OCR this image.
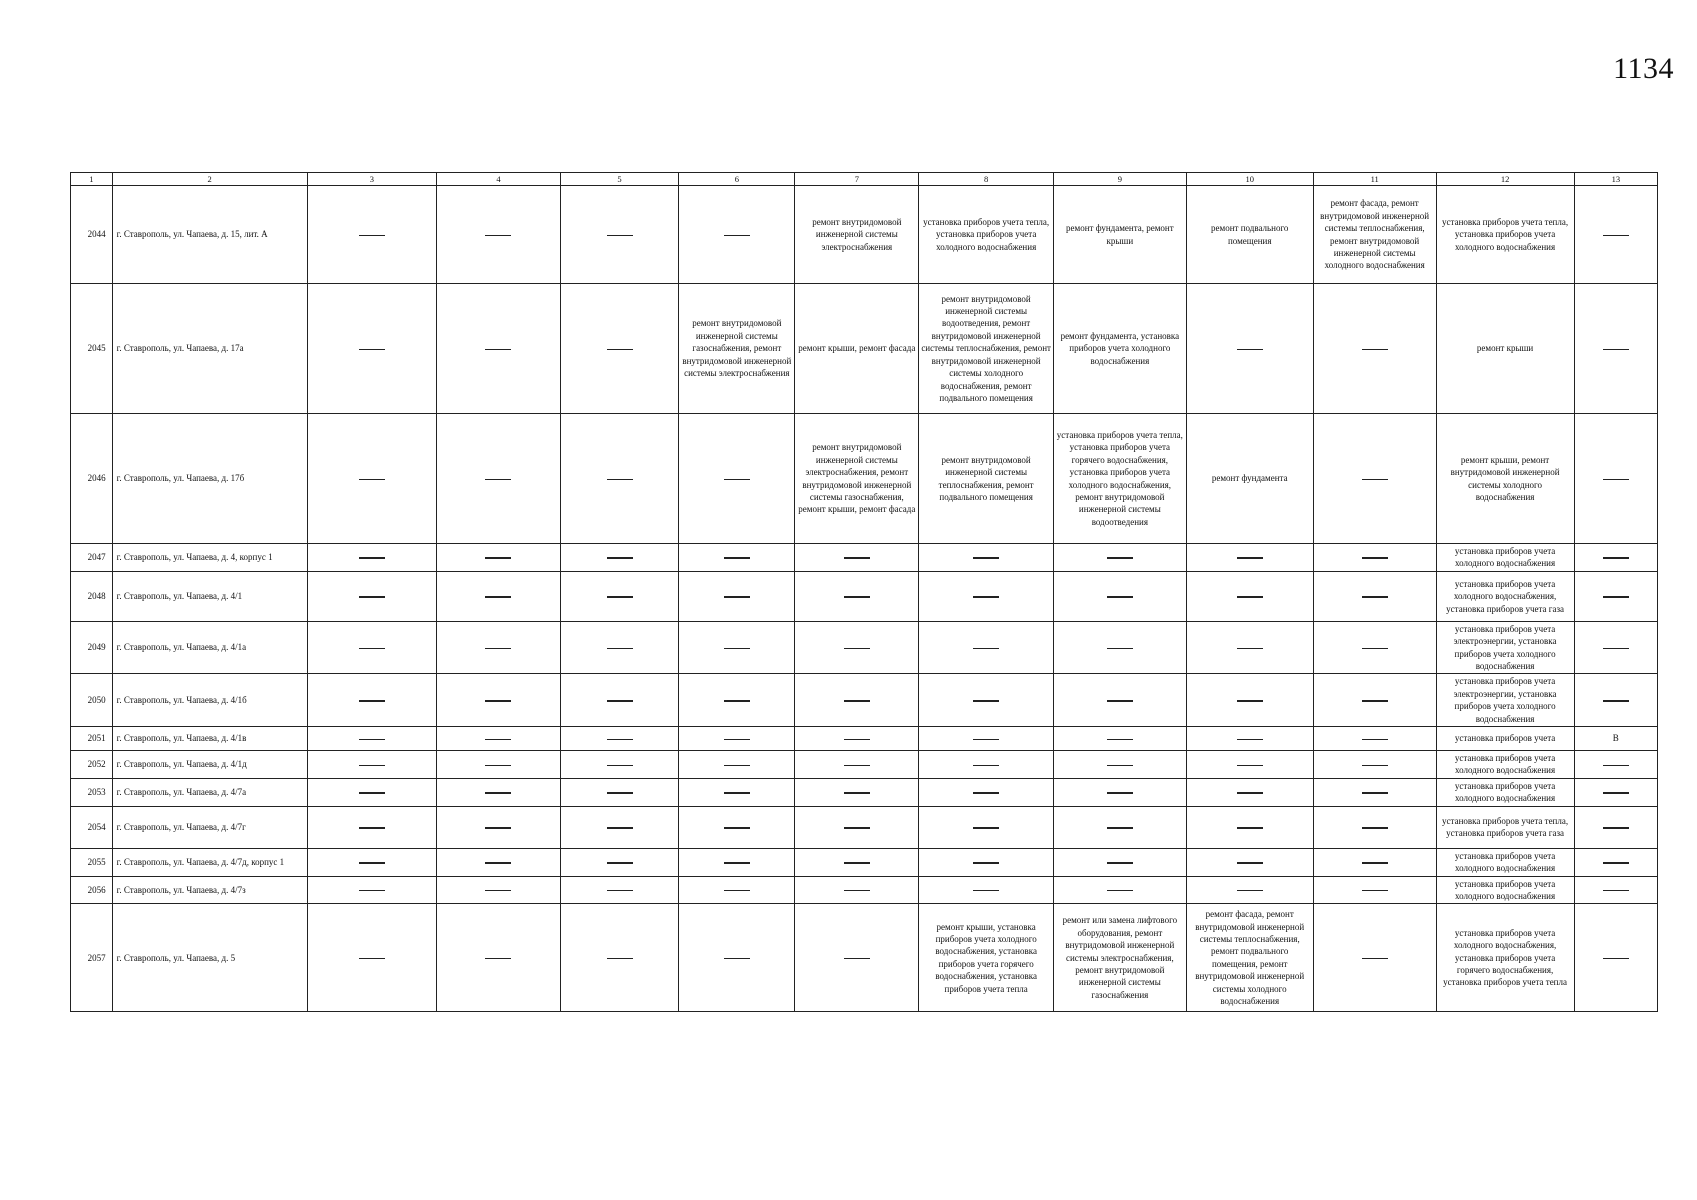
1134
1	2	3	4	5	6	7	8	9	10	11	12	13
2044	г. Ставрополь, ул. Чапаева, д. 15, лит. А					ремонт внутридомовой инженерной системы электроснабжения	установка приборов учета тепла, установка приборов учета холодного водоснабжения	ремонт фундамента, ремонт крыши	ремонт подвального помещения	ремонт фасада, ремонт внутридомовой инженерной системы теплоснабжения, ремонт внутридомовой инженерной системы холодного водоснабжения	установка приборов учета тепла, установка приборов учета холодного водоснабжения	
2045	г. Ставрополь, ул. Чапаева, д. 17а				ремонт внутридомовой инженерной системы газоснабжения, ремонт внутридомовой инженерной системы электроснабжения	ремонт крыши, ремонт фасада	ремонт внутридомовой инженерной системы водоотведения, ремонт внутридомовой инженерной системы теплоснабжения, ремонт внутридомовой инженерной системы холодного водоснабжения, ремонт подвального помещения	ремонт фундамента, установка приборов учета холодного водоснабжения			ремонт крыши	
2046	г. Ставрополь, ул. Чапаева, д. 17б					ремонт внутридомовой инженерной системы электроснабжения, ремонт внутридомовой инженерной системы газоснабжения, ремонт крыши, ремонт фасада	ремонт внутридомовой инженерной системы теплоснабжения, ремонт подвального помещения	установка приборов учета тепла, установка приборов учета горячего водоснабжения, установка приборов учета холодного водоснабжения, ремонт внутридомовой инженерной системы водоотведения	ремонт фундамента		ремонт крыши, ремонт внутридомовой инженерной системы холодного водоснабжения	
2047	г. Ставрополь, ул. Чапаева, д. 4, корпус 1										установка приборов учета холодного водоснабжения	
2048	г. Ставрополь, ул. Чапаева, д. 4/1										установка приборов учета холодного водоснабжения, установка приборов учета газа	
2049	г. Ставрополь, ул. Чапаева, д. 4/1а										установка приборов учета электроэнергии, установка приборов учета холодного водоснабжения	
2050	г. Ставрополь, ул. Чапаева, д. 4/1б										установка приборов учета электроэнергии, установка приборов учета холодного водоснабжения	
2051	г. Ставрополь, ул. Чапаева, д. 4/1в										установка приборов учета	В
2052	г. Ставрополь, ул. Чапаева, д. 4/1д										установка приборов учета холодного водоснабжения	
2053	г. Ставрополь, ул. Чапаева, д. 4/7а										установка приборов учета холодного водоснабжения	
2054	г. Ставрополь, ул. Чапаева, д. 4/7г										установка приборов учета тепла, установка приборов учета газа	
2055	г. Ставрополь, ул. Чапаева, д. 4/7д, корпус 1										установка приборов учета холодного водоснабжения	
2056	г. Ставрополь, ул. Чапаева, д. 4/7з										установка приборов учета холодного водоснабжения	
2057	г. Ставрополь, ул. Чапаева, д. 5						ремонт крыши, установка приборов учета холодного водоснабжения, установка приборов учета горячего водоснабжения, установка приборов учета тепла	ремонт или замена лифтового оборудования, ремонт внутридомовой инженерной системы электроснабжения, ремонт внутридомовой инженерной системы газоснабжения	ремонт фасада, ремонт внутридомовой инженерной системы теплоснабжения, ремонт подвального помещения, ремонт внутридомовой инженерной системы холодного водоснабжения		установка приборов учета холодного водоснабжения, установка приборов учета горячего водоснабжения, установка приборов учета тепла	
